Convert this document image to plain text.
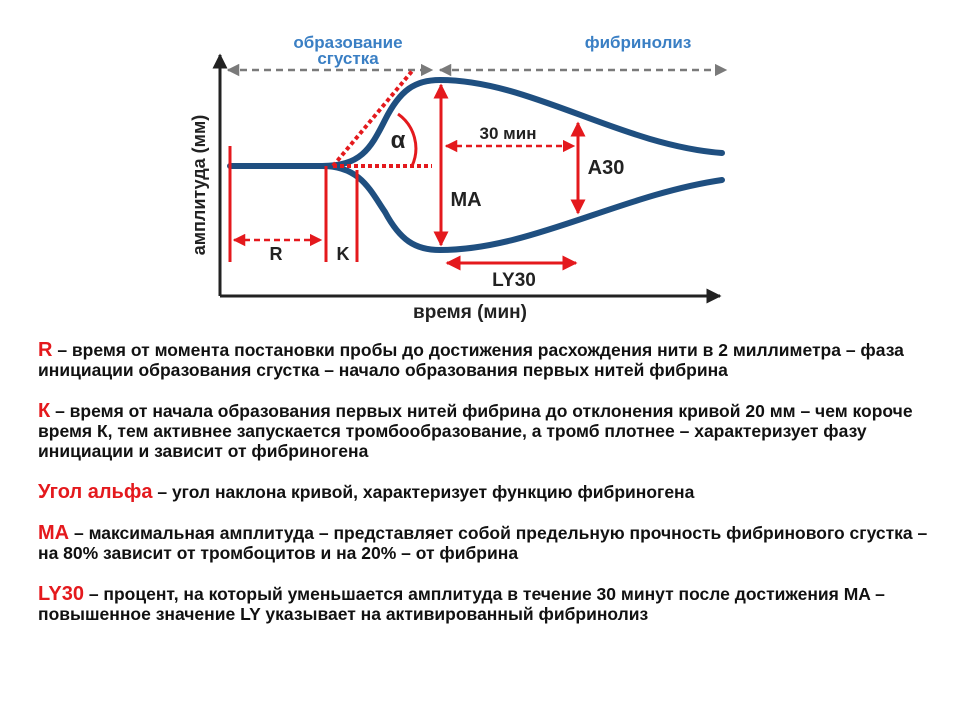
образование
сгустка
фибринолиз
амплитуда (мм)
время (мин)
α
R	K
MA
30 мин
A30
LY30

R – время от момента постановки пробы до достижения расхождения нити в 2 миллиметра – фаза инициации образования сгустка – начало образования первых нитей фибрина

К – время от начала образования первых нитей фибрина до отклонения кривой 20 мм – чем короче время К, тем активнее запускается тромбообразование, а тромб плотнее – характеризует фазу инициации и зависит от фибриногена

Угол альфа – угол наклона кривой, характеризует функцию фибриногена

MA – максимальная амплитуда – представляет собой предельную прочность фибринового сгустка – на 80% зависит от тромбоцитов и на 20% – от фибрина

LY30 – процент, на который уменьшается амплитуда в течение 30 минут после достижения MA – повышенное значение LY указывает на активированный фибринолиз
